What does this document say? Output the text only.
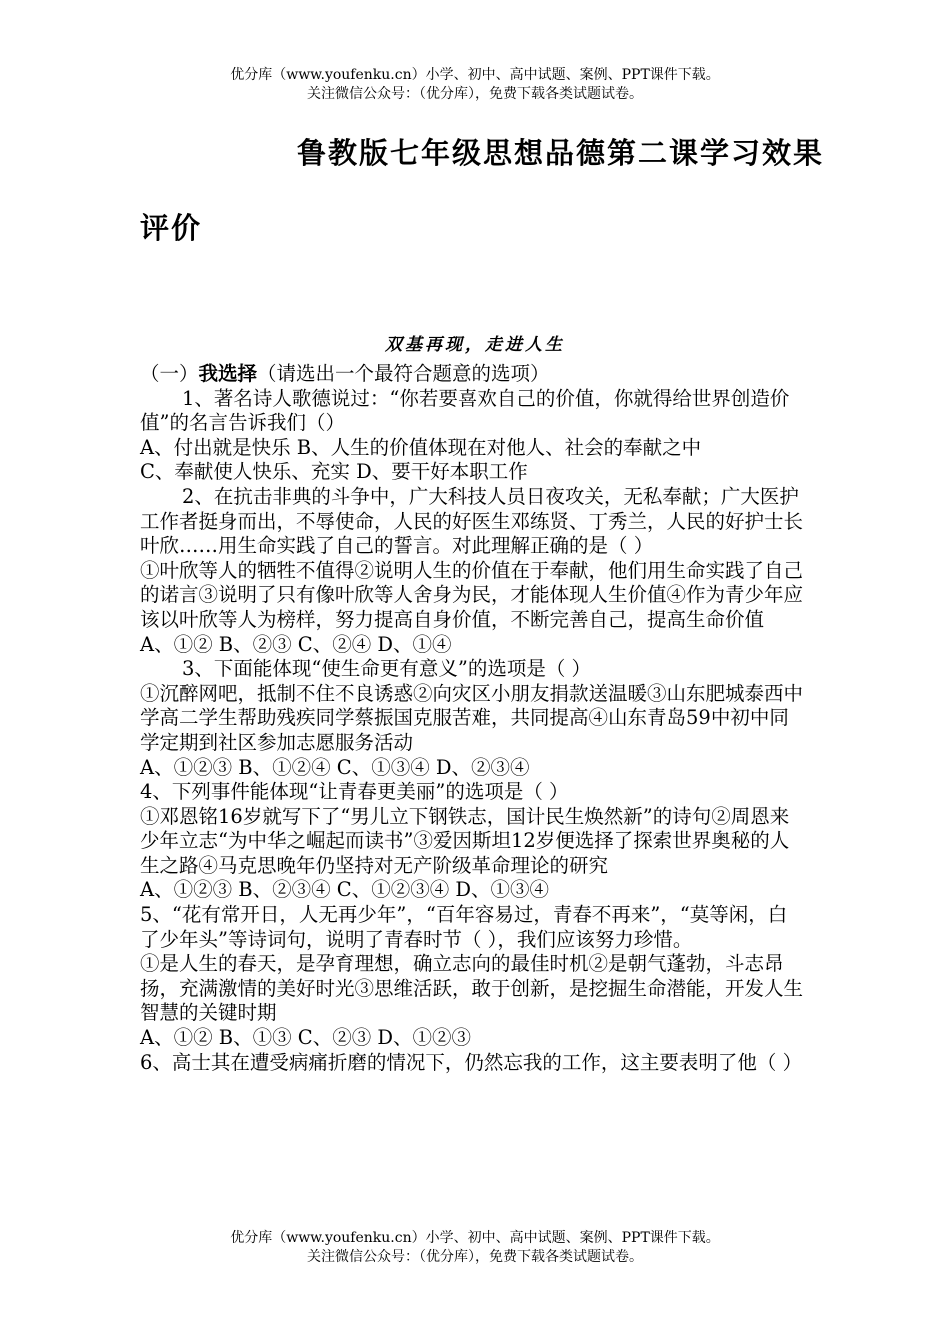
优分库（www.youfenku.cn）小学、初中、高中试题、案例、PPT课件下载。
关注微信公众号：（优分库），免费下载各类试题试卷。
鲁教版七年级思想品德第二课学习效果
评价
双基再现，走进人生

（一）我选择（请选出一个最符合题意的选项）

1、著名诗人歌德说过：“你若要喜欢自己的价值，你就得给世界创造价值”的名言告诉我们（）

A、付出就是快乐 B、人生的价值体现在对他人、社会的奉献之中

C、奉献使人快乐、充实 D、要干好本职工作

2、在抗击非典的斗争中，广大科技人员日夜攻关，无私奉献；广大医护工作者挺身而出，不辱使命，人民的好医生邓练贤、丁秀兰，人民的好护士长叶欣……用生命实践了自己的誓言。对此理解正确的是（ ）

①叶欣等人的牺牲不值得②说明人生的价值在于奉献，他们用生命实践了自己的诺言③说明了只有像叶欣等人舍身为民，才能体现人生价值④作为青少年应该以叶欣等人为榜样，努力提高自身价值，不断完善自己，提高生命价值

A、①② B、②③ C、②④ D、①④

3、下面能体现“使生命更有意义”的选项是（ ）

①沉醉网吧，抵制不住不良诱惑②向灾区小朋友捐款送温暖③山东肥城泰西中学高二学生帮助残疾同学蔡振国克服苦难，共同提高④山东青岛59中初中同学定期到社区参加志愿服务活动

A、①②③ B、①②④ C、①③④ D、②③④

4、下列事件能体现“让青春更美丽”的选项是（ ）

①邓恩铭16岁就写下了“男儿立下钢铁志，国计民生焕然新”的诗句②周恩来少年立志“为中华之崛起而读书”③爱因斯坦12岁便选择了探索世界奥秘的人生之路④马克思晚年仍坚持对无产阶级革命理论的研究

A、①②③ B、②③④ C、①②③④ D、①③④

5、“花有常开日，人无再少年”，“百年容易过，青春不再来”，“莫等闲，白了少年头”等诗词句，说明了青春时节（ ），我们应该努力珍惜。

①是人生的春天，是孕育理想，确立志向的最佳时机②是朝气蓬勃，斗志昂扬，充满激情的美好时光③思维活跃，敢于创新，是挖掘生命潜能，开发人生智慧的关键时期

A、①② B、①③ C、②③ D、①②③

6、高士其在遭受病痛折磨的情况下，仍然忘我的工作，这主要表明了他（ ）

优分库（www.youfenku.cn）小学、初中、高中试题、案例、PPT课件下载。
关注微信公众号：（优分库），免费下载各类试题试卷。
